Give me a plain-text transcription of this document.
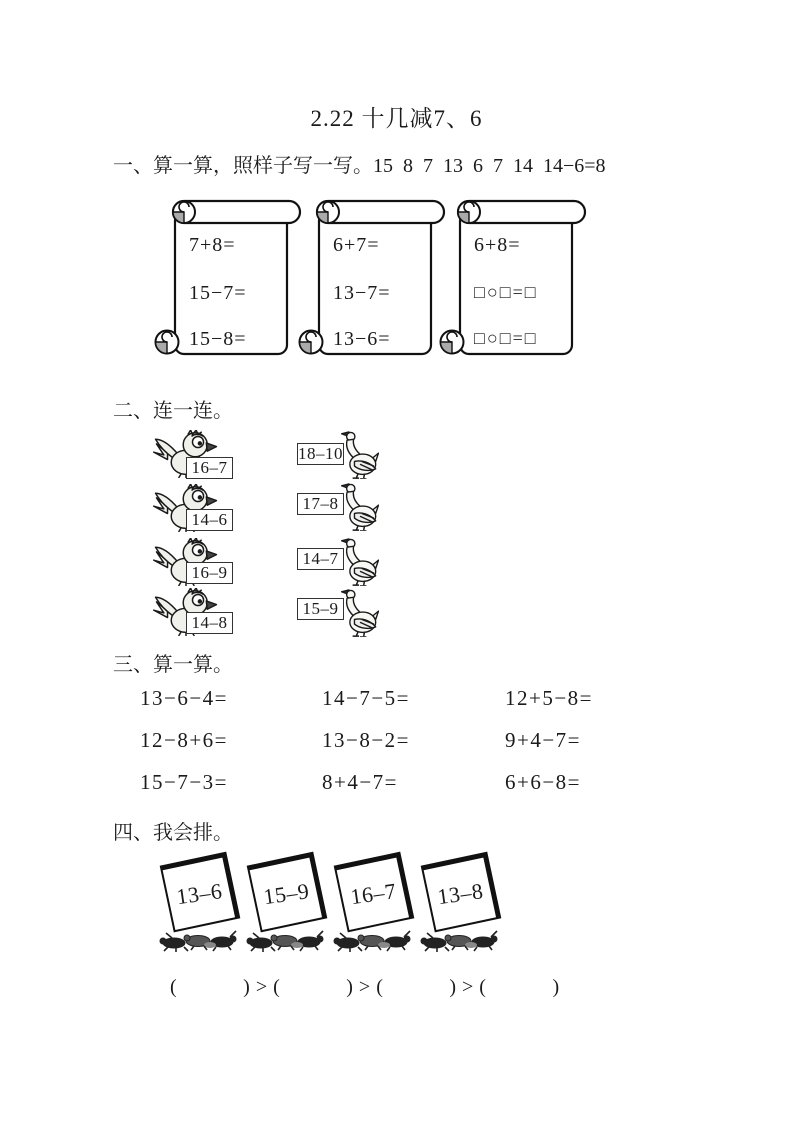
2.22 十几减7、6
一、算一算，照样子写一写。15  8  7  13  6  7  14  14−6=8
7+8=
15−7=
15−8=
6+7=
13−7=
13−6=
6+8=
□○□=□
□○□=□
二、连一连。
16–7
14–6
16–9
14–8
18–10
17–8
14–7
15–9
三、算一算。
13−6−4=	14−7−5=	12+5−8=
12−8+6=	13−8−2=	9+4−7=
15−7−3=	8+4−7=	6+6−8=
四、我会排。
13–6 15–9 16–7 13–8
(            ) > (            ) > (            ) > (            )
